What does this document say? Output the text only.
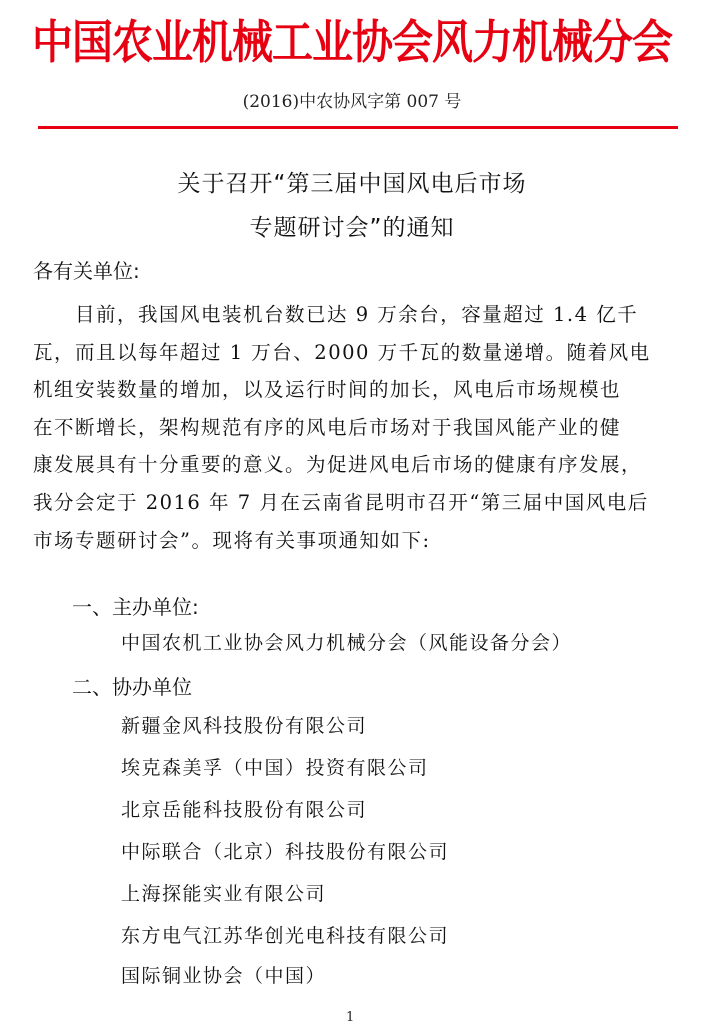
中国农业机械工业协会风力机械分会
(2016)中农协风字第 007 号
关于召开“第三届中国风电后市场
专题研讨会”的通知
各有关单位:
　　目前，我国风电装机台数已达 9 万余台，容量超过 1.4 亿千
瓦，而且以每年超过 1 万台、2000 万千瓦的数量递增。随着风电
机组安装数量的增加，以及运行时间的加长，风电后市场规模也
在不断增长，架构规范有序的风电后市场对于我国风能产业的健
康发展具有十分重要的意义。为促进风电后市场的健康有序发展，
我分会定于 2016 年 7 月在云南省昆明市召开“第三届中国风电后
市场专题研讨会”。现将有关事项通知如下:
一、主办单位:
中国农机工业协会风力机械分会（风能设备分会）
二、协办单位
新疆金风科技股份有限公司
埃克森美孚（中国）投资有限公司
北京岳能科技股份有限公司
中际联合（北京）科技股份有限公司
上海探能实业有限公司
东方电气江苏华创光电科技有限公司
国际铜业协会（中国）
1
